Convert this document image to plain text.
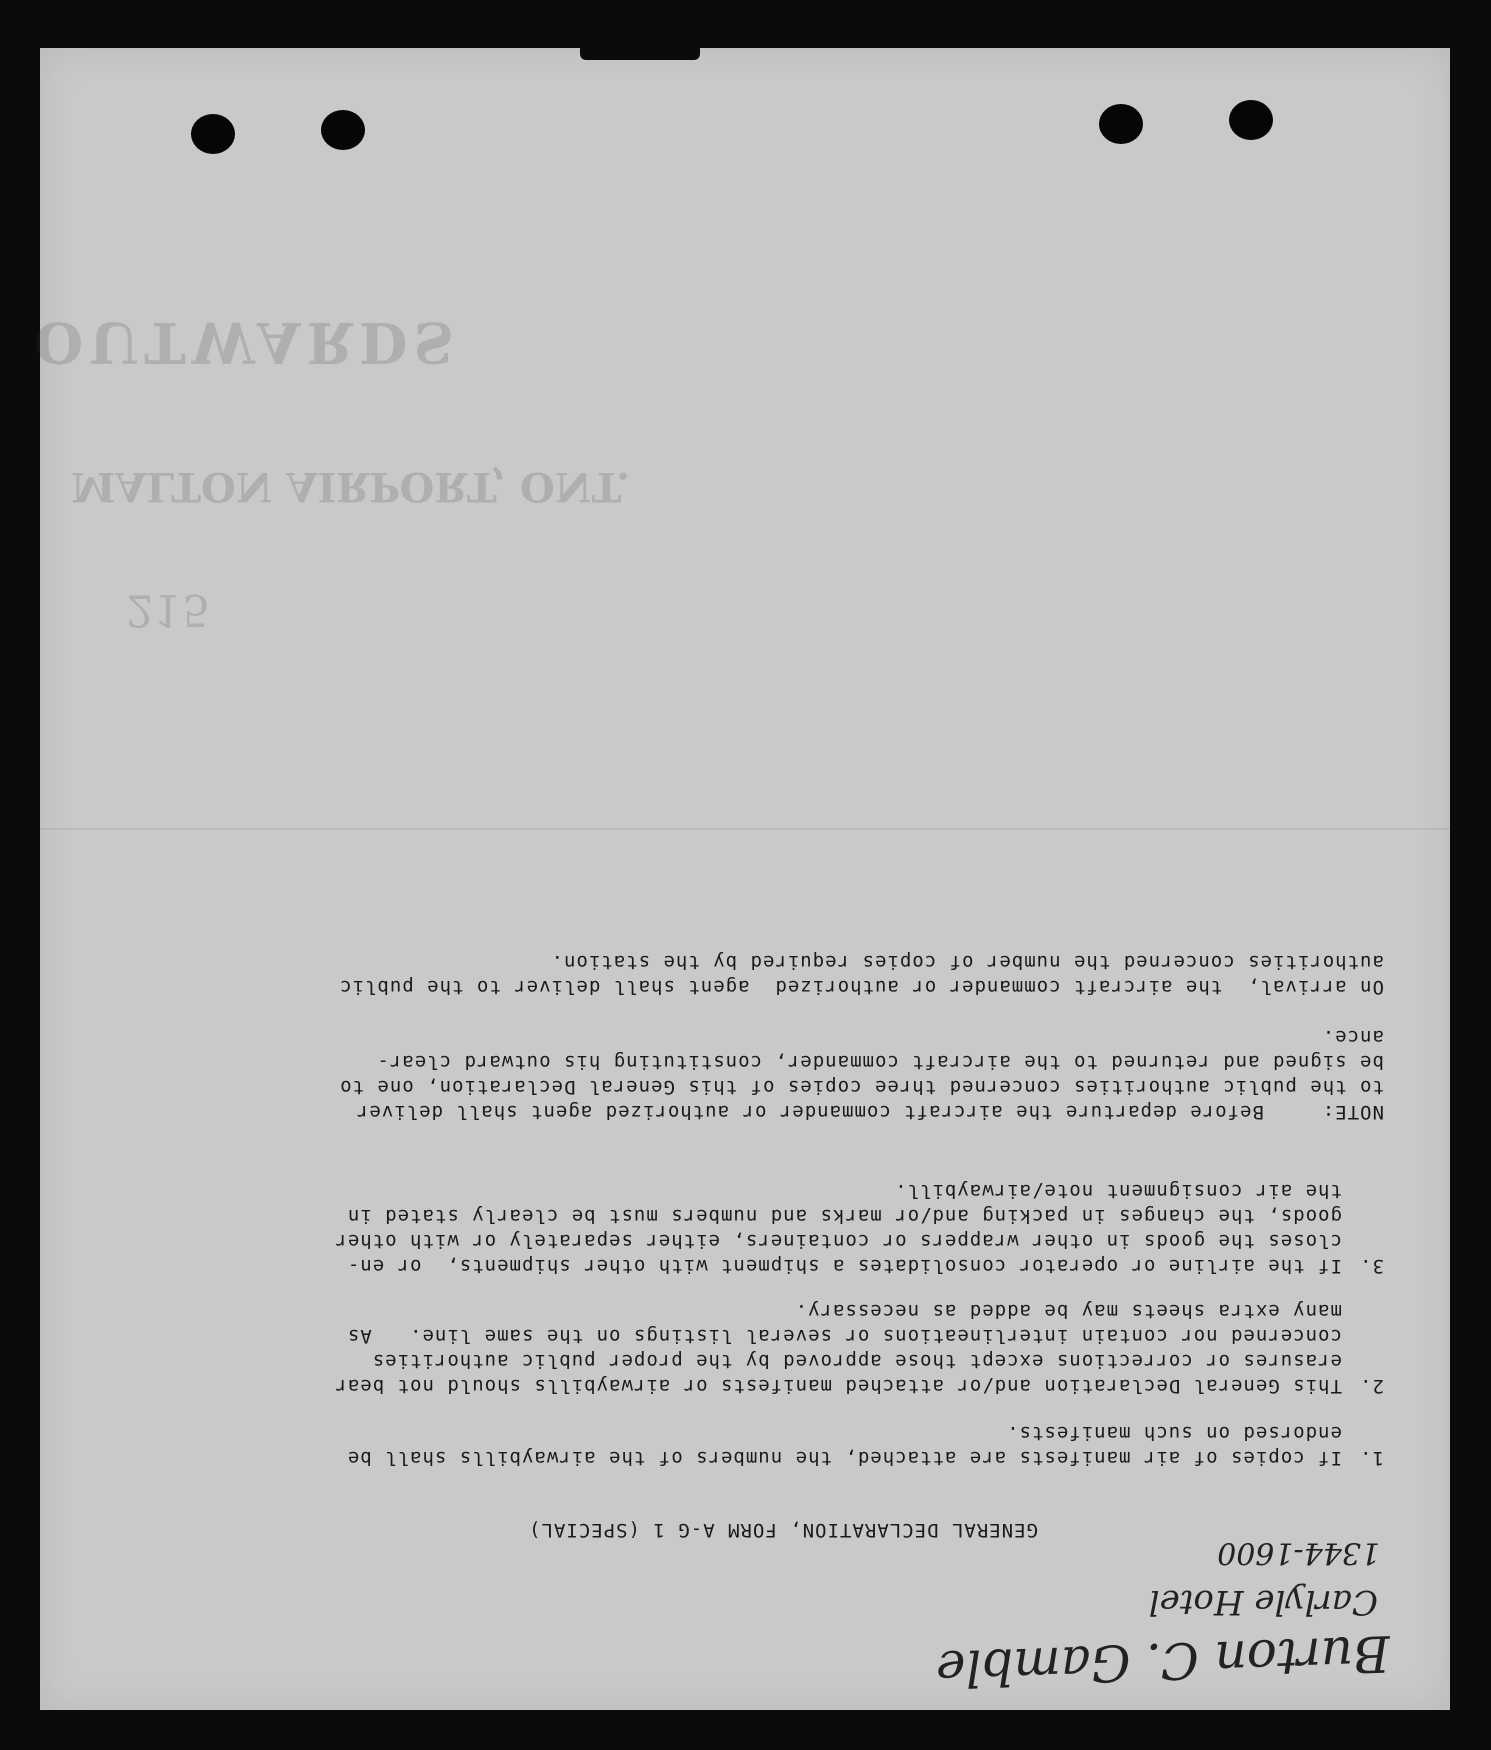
Burton C. Gamble
Carlyle Hotel
1344-1600
GENERAL DECLARATION, FORM A-G 1 (SPECIAL)
1.
If copies of air manifests are attached, the numbers of the airwaybills shall be
endorsed on such manifests.
2.
This General Declaration and/or attached manifests or airwaybills should not bear
erasures or corrections except those approved by the proper public authorities
concerned nor contain interlineations or several listings on the same line.   As
many extra sheets may be added as necessary.
3.
If the airline or operator consolidates a shipment with other shipments,  or en-
closes the goods in other wrappers or containers, either separately or with other
goods, the changes in packing and/or marks and numbers must be clearly stated in
the air consignment note/airwaybill.
NOTE:
Before departure the aircraft commander or authorized agent shall deliver
to the public authorities concerned three copies of this General Declaration, one to
be signed and returned to the aircraft commander, constituting his outward clear-
ance.
On arrival,  the aircraft commander or authorized  agent shall deliver to the public
authorities concerned the number of copies required by the station.
215
MALTON AIRPORT, ONT.
OUTWARDS
